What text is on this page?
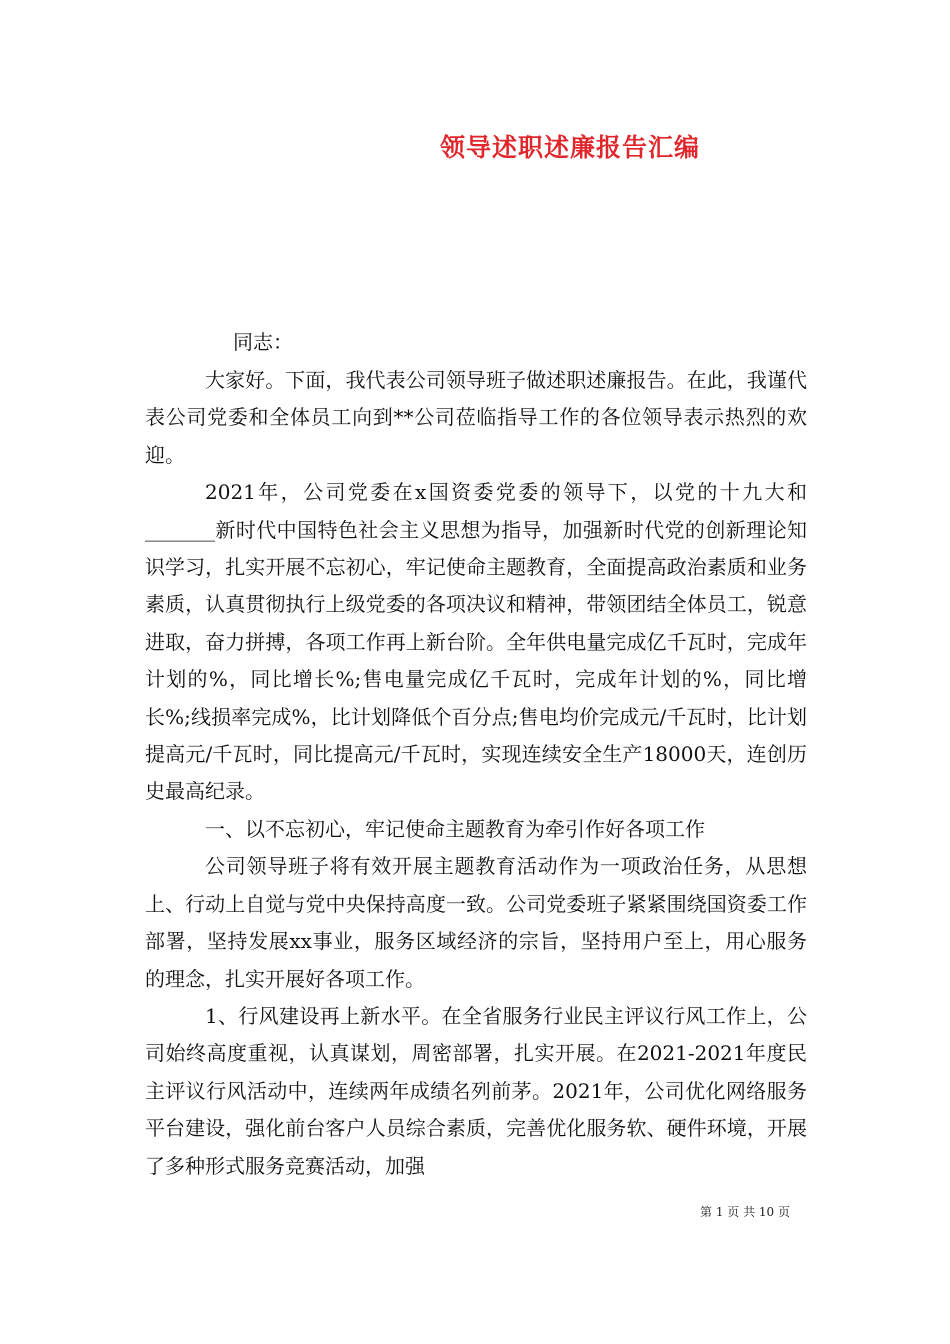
领导述职述廉报告汇编
同志：

大家好。下面，我代表公司领导班子做述职述廉报告。在此，我谨代表公司党委和全体员工向到**公司莅临指导工作的各位领导表示热烈的欢迎。

2021年，公司党委在x国资委党委的领导下，以党的十九大和_______新时代中国特色社会主义思想为指导，加强新时代党的创新理论知识学习，扎实开展不忘初心，牢记使命主题教育，全面提高政治素质和业务素质，认真贯彻执行上级党委的各项决议和精神，带领团结全体员工，锐意进取，奋力拼搏，各项工作再上新台阶。全年供电量完成亿千瓦时，完成年计划的%，同比增长%;售电量完成亿千瓦时，完成年计划的%，同比增长%;线损率完成%，比计划降低个百分点;售电均价完成元/千瓦时，比计划提高元/千瓦时，同比提高元/千瓦时，实现连续安全生产18000天，连创历史最高纪录。

一、以不忘初心，牢记使命主题教育为牵引作好各项工作

公司领导班子将有效开展主题教育活动作为一项政治任务，从思想上、行动上自觉与党中央保持高度一致。公司党委班子紧紧围绕国资委工作部署，坚持发展xx事业，服务区域经济的宗旨，坚持用户至上，用心服务的理念，扎实开展好各项工作。

1、行风建设再上新水平。在全省服务行业民主评议行风工作上，公司始终高度重视，认真谋划，周密部署，扎实开展。在2021-2021年度民主评议行风活动中，连续两年成绩名列前茅。2021年，公司优化网络服务平台建设，强化前台客户人员综合素质，完善优化服务软、硬件环境，开展了多种形式服务竞赛活动，加强

第 1 页 共 10 页
